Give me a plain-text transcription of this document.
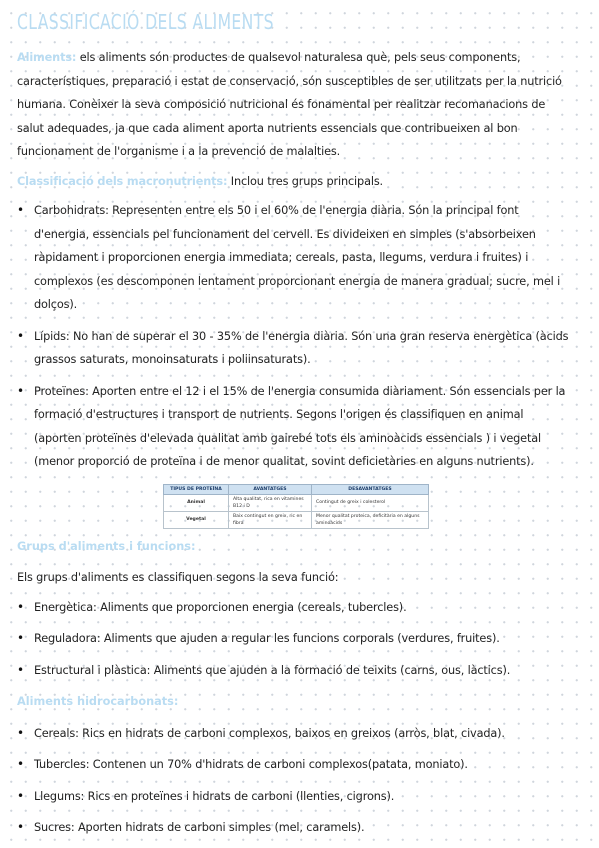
CLASSIFICACIÓ DELS ALIMENTS

Aliments: els aliments són productes de qualsevol naturalesa què, pels seus components, característiques, preparació i estat de conservació, són susceptibles de ser utilitzats per la nutrició humana. Conèixer la seva composició nutricional és fonamental per realitzar recomanacions de salut adequades, ja que cada aliment aporta nutrients essencials que contribueixen al bon funcionament de l'organisme i a la prevenció de malalties.

Classificació dels macronutrients: Inclou tres grups principals.

• Carbohidrats: Representen entre els 50 i el 60% de l'energia diària. Són la principal font d'energia, essencials pel funcionament del cervell. Es divideixen en simples (s'absorbeixen ràpidament i proporcionen energia immediata; cereals, pasta, llegums, verdura i fruites) i complexos (es descomponen lentament proporcionant energia de manera gradual; sucre, mel i dolços).
• Lípids: No han de superar el 30 - 35% de l'energia diària. Són una gran reserva energètica (àcids grassos saturats, monoinsaturats i poliinsaturats).
• Proteïnes: Aporten entre el 12 i el 15% de l'energia consumida diàriament. Són essencials per la formació d'estructures i transport de nutrients. Segons l'origen és classifiquen en animal (aporten proteïnes d'elevada qualitat amb gairebé tots els aminoàcids essencials ) i vegetal (menor proporció de proteïna i de menor qualitat, sovint deficietàries en alguns nutrients).
TIPUS DE PROTEÏNA	AVANTATGES	DESAVANTATGES
Animal	Alta qualitat, rica en vitamines B12 i D	Contingut de greix i colesterol
Vegetal	Baix contingut en greix, ric en fibra	Menor qualitat proteica, deficitària en alguns aminoàcids
Grups d'aliments i funcions:

Els grups d'aliments es classifiquen segons la seva funció:

• Energètica: Aliments que proporcionen energia (cereals, tubercles).
• Reguladora: Aliments que ajuden a regular les funcions corporals (verdures, fruites).
• Estructural i plàstica: Aliments que ajuden a la formació de teixits (carns, ous, làctics).
Aliments hidrocarbonats:
• Cereals: Rics en hidrats de carboni complexos, baixos en greixos (arròs, blat, civada).
• Tubercles: Contenen un 70% d'hidrats de carboni complexos(patata, moniato).
• Llegums: Rics en proteïnes i hidrats de carboni (llenties, cigrons).
• Sucres: Aporten hidrats de carboni simples (mel, caramels).
